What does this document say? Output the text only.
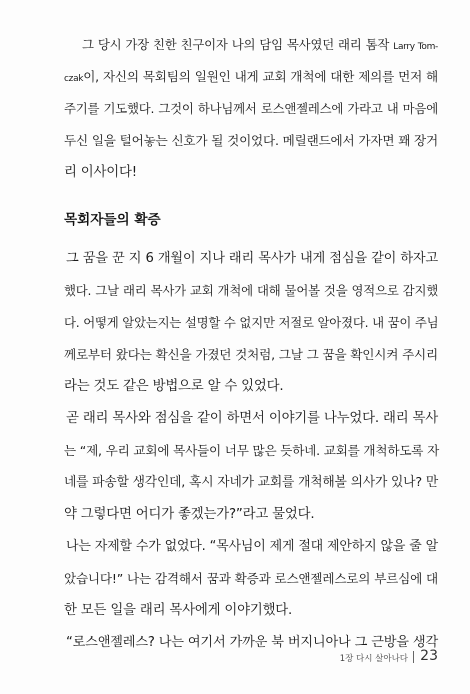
그 당시 가장 친한 친구이자 나의 담임 목사였던 래리 톰작 Larry Tom-
czak이, 자신의 목회팀의 일원인 내게 교회 개척에 대한 제의를 먼저 해
주기를 기도했다. 그것이 하나님께서 로스앤젤레스에 가라고 내 마음에
두신 일을 털어놓는 신호가 될 것이었다. 메릴랜드에서 가자면 꽤 장거
리 이사이다!
그 꿈을 꾼 지 6 개월이 지나 래리 목사가 내게 점심을 같이 하자고
했다. 그날 래리 목사가 교회 개척에 대해 물어볼 것을 영적으로 감지했
다. 어떻게 알았는지는 설명할 수 없지만 저절로 알아졌다. 내 꿈이 주님
께로부터 왔다는 확신을 가졌던 것처럼, 그날 그 꿈을 확인시켜 주시리
라는 것도 같은 방법으로 알 수 있었다.
곧 래리 목사와 점심을 같이 하면서 이야기를 나누었다. 래리 목사
는 “제, 우리 교회에 목사들이 너무 많은 듯하네. 교회를 개척하도록 자
네를 파송할 생각인데, 혹시 자네가 교회를 개척해볼 의사가 있나? 만
약 그렇다면 어디가 좋겠는가?”라고 물었다.
나는 자제할 수가 없었다. “목사님이 제게 절대 제안하지 않을 줄 알
았습니다!” 나는 감격해서 꿈과 확증과 로스앤젤레스로의 부르심에 대
한 모든 일을 래리 목사에게 이야기했다.
“로스앤젤레스? 나는 여기서 가까운 북 버지니아나 그 근방을 생각
목회자들의 확증
1장 다시 살아나다 23
